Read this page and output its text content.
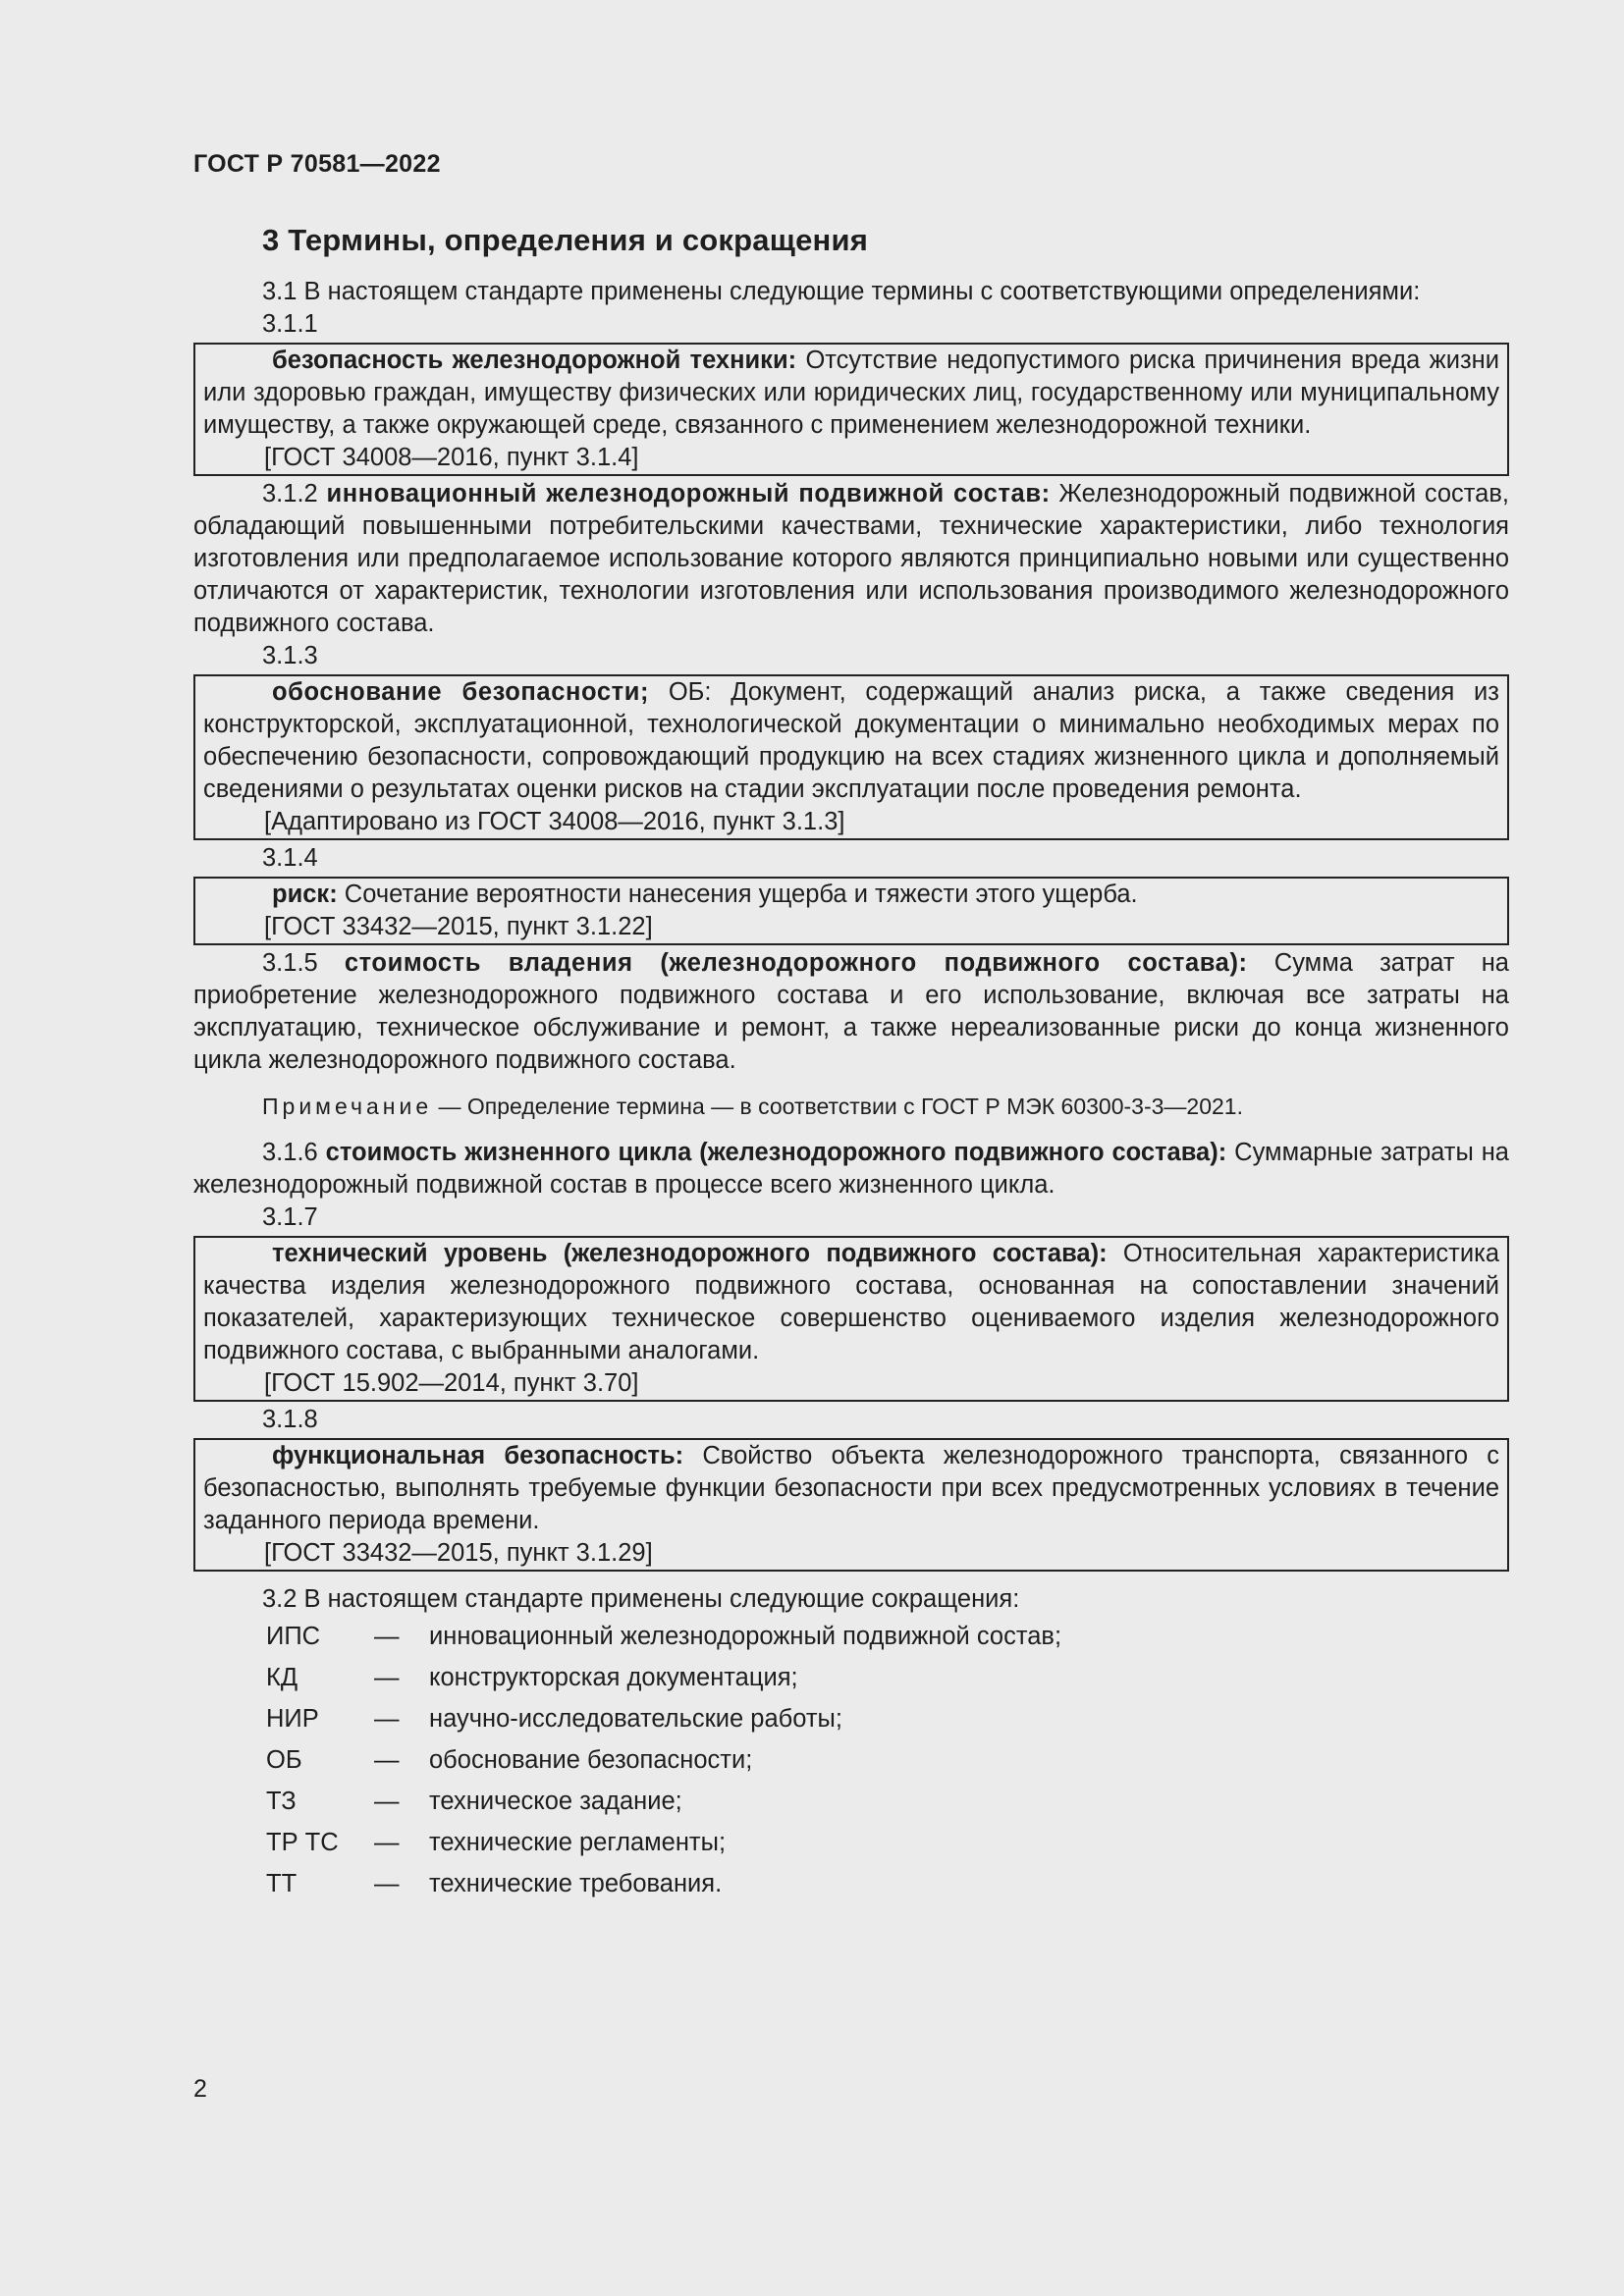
ГОСТ Р 70581—2022
3 Термины, определения и сокращения

3.1 В настоящем стандарте применены следующие термины с соответствующими определениями:

3.1.1

безопасность железнодорожной техники: Отсутствие недопустимого риска причинения вреда жизни или здоровью граждан, имуществу физических или юридических лиц, государственному или муниципальному имуществу, а также окружающей среде, связанного с применением железнодорожной техники.

[ГОСТ 34008—2016, пункт 3.1.4]

3.1.2 инновационный железнодорожный подвижной состав: Железнодорожный подвижной состав, обладающий повышенными потребительскими качествами, технические характеристики, либо технология изготовления или предполагаемое использование которого являются принципиально новыми или существенно отличаются от характеристик, технологии изготовления или использования производимого железнодорожного подвижного состава.

3.1.3

обоснование безопасности; ОБ: Документ, содержащий анализ риска, а также сведения из конструкторской, эксплуатационной, технологической документации о минимально необходимых мерах по обеспечению безопасности, сопровождающий продукцию на всех стадиях жизненного цикла и дополняемый сведениями о результатах оценки рисков на стадии эксплуатации после проведения ремонта.

[Адаптировано из ГОСТ 34008—2016, пункт 3.1.3]

3.1.4

риск: Сочетание вероятности нанесения ущерба и тяжести этого ущерба.

[ГОСТ 33432—2015, пункт 3.1.22]

3.1.5 стоимость владения (железнодорожного подвижного состава): Сумма затрат на приобретение железнодорожного подвижного состава и его использование, включая все затраты на эксплуатацию, техническое обслуживание и ремонт, а также нереализованные риски до конца жизненного цикла железнодорожного подвижного состава.

Примечание — Определение термина — в соответствии с ГОСТ Р МЭК 60300-3-3—2021.

3.1.6 стоимость жизненного цикла (железнодорожного подвижного состава): Суммарные затраты на железнодорожный подвижной состав в процессе всего жизненного цикла.

3.1.7

технический уровень (железнодорожного подвижного состава): Относительная характеристика качества изделия железнодорожного подвижного состава, основанная на сопоставлении значений показателей, характеризующих техническое совершенство оцениваемого изделия железнодорожного подвижного состава, с выбранными аналогами.

[ГОСТ 15.902—2014, пункт 3.70]

3.1.8

функциональная безопасность: Свойство объекта железнодорожного транспорта, связанного с безопасностью, выполнять требуемые функции безопасности при всех предусмотренных условиях в течение заданного периода времени.

[ГОСТ 33432—2015, пункт 3.1.29]

3.2 В настоящем стандарте применены следующие сокращения:

ИПС	—	инновационный железнодорожный подвижной состав;
КД	—	конструкторская документация;
НИР	—	научно-исследовательские работы;
ОБ	—	обоснование безопасности;
ТЗ	—	техническое задание;
ТР ТС	—	технические регламенты;
ТТ	—	технические требования.
2
